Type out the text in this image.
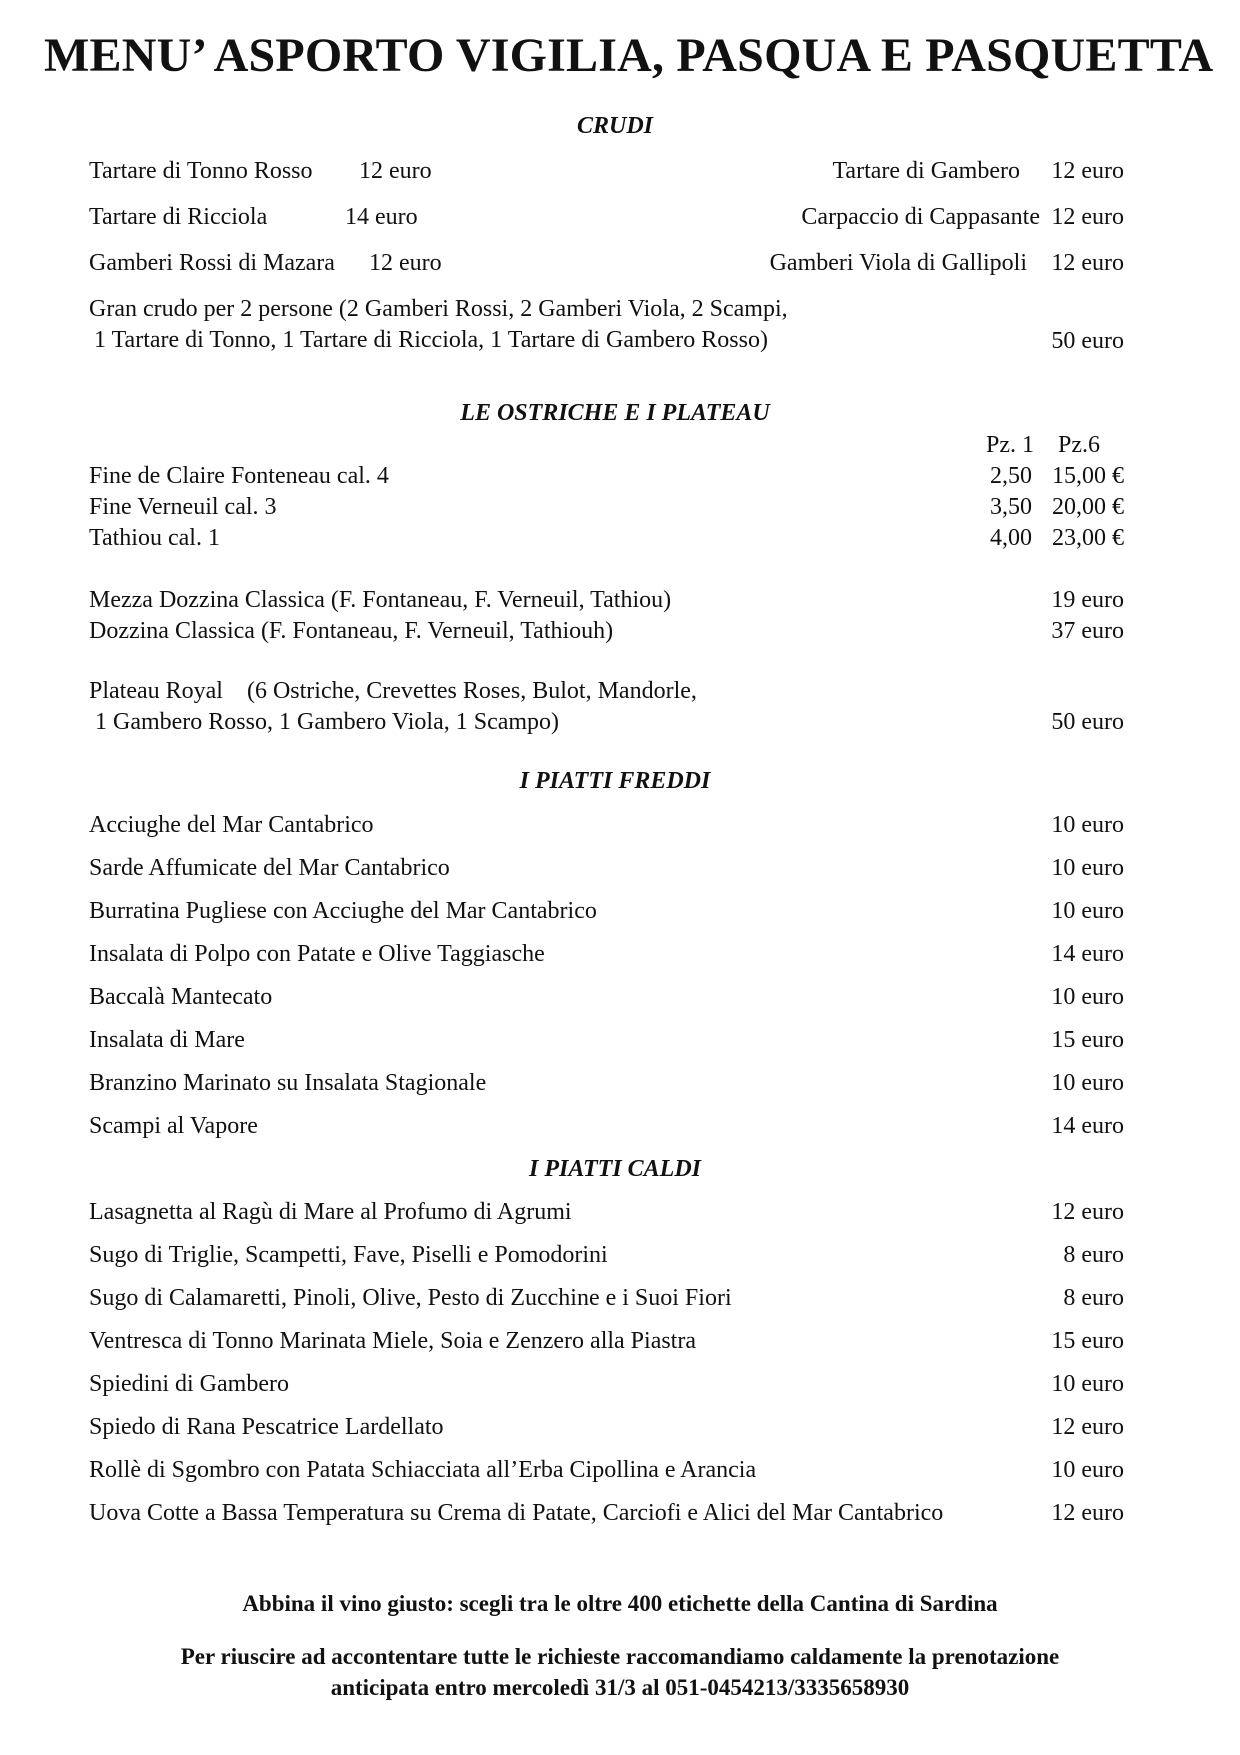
MENU’ ASPORTO VIGILIA, PASQUA E PASQUETTA
CRUDI
Tartare di Tonno Rosso 12 euro	Tartare di Gambero 12 euro
Tartare di Ricciola	14 euro	Carpaccio di Cappasante 12 euro
Gamberi Rossi di Mazara 12 euro	Gamberi Viola di Gallipoli 12 euro
Gran crudo per 2 persone (2 Gamberi Rossi, 2 Gamberi Viola, 2 Scampi,
1 Tartare di Tonno, 1 Tartare di Ricciola, 1 Tartare di Gambero Rosso)	50 euro
LE OSTRICHE E I PLATEAU
Pz. 1 Pz.6
Fine de Claire Fonteneau cal. 4	2,50 15,00 €
Fine Verneuil cal. 3	3,50 20,00 €
Tathiou cal. 1	4,00 23,00 €
Mezza Dozzina Classica (F. Fontaneau, F. Verneuil, Tathiou)	19 euro
Dozzina Classica (F. Fontaneau, F. Verneuil, Tathiouh)	37 euro
Plateau Royal    (6 Ostriche, Crevettes Roses, Bulot, Mandorle,
1 Gambero Rosso, 1 Gambero Viola, 1 Scampo)	50 euro
I PIATTI FREDDI
Acciughe del Mar Cantabrico	10 euro
Sarde Affumicate del Mar Cantabrico	10 euro
Burratina Pugliese con Acciughe del Mar Cantabrico	10 euro
Insalata di Polpo con Patate e Olive Taggiasche	14 euro
Baccalà Mantecato	10 euro
Insalata di Mare	15 euro
Branzino Marinato su Insalata Stagionale	10 euro
Scampi al Vapore	14 euro
I PIATTI CALDI
Lasagnetta al Ragù di Mare al Profumo di Agrumi	12 euro
Sugo di Triglie, Scampetti, Fave, Piselli e Pomodorini	8 euro
Sugo di Calamaretti, Pinoli, Olive, Pesto di Zucchine e i Suoi Fiori	8 euro
Ventresca di Tonno Marinata Miele, Soia e Zenzero alla Piastra	15 euro
Spiedini di Gambero	10 euro
Spiedo di Rana Pescatrice Lardellato	12 euro
Rollè di Sgombro con Patata Schiacciata all’Erba Cipollina e Arancia	10 euro
Uova Cotte a Bassa Temperatura su Crema di Patate, Carciofi e Alici del Mar Cantabrico	12 euro
Abbina il vino giusto: scegli tra le oltre 400 etichette della Cantina di Sardina
Per riuscire ad accontentare tutte le richieste raccomandiamo caldamente la prenotazione
anticipata entro mercoledì 31/3 al 051-0454213/3335658930
